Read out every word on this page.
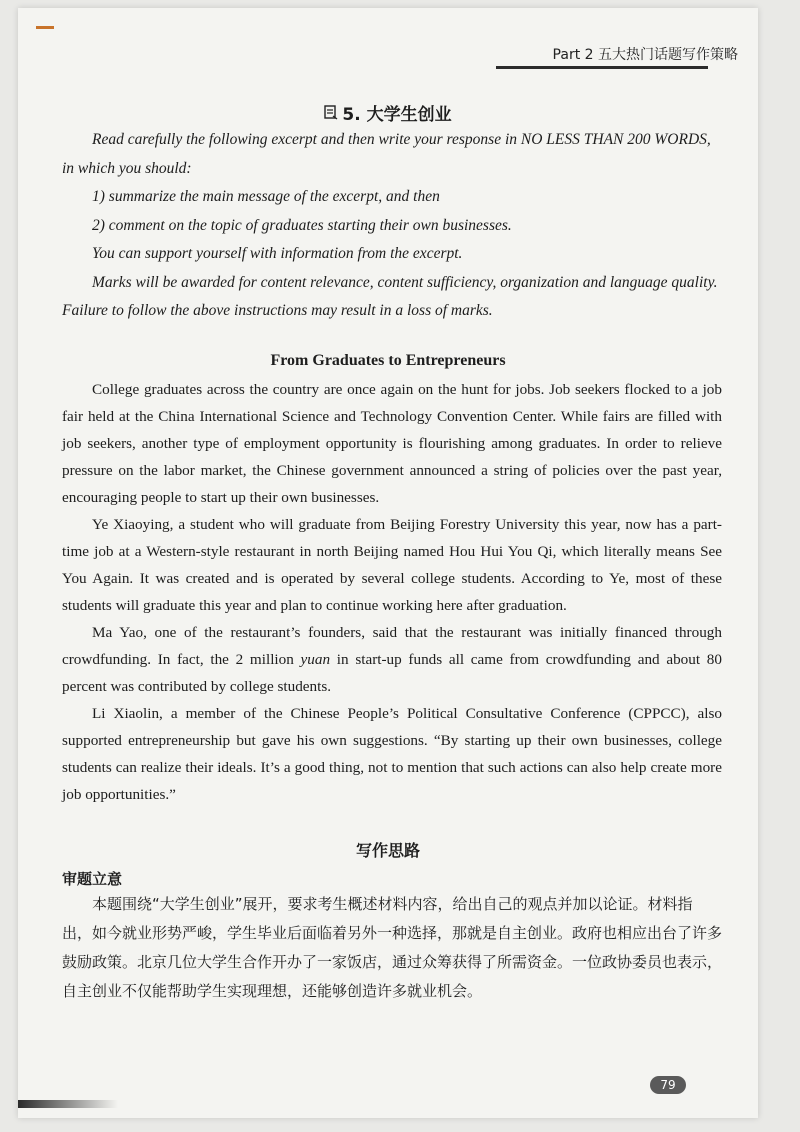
Part 2 五大热门话题写作策略
5. 大学生创业

Read carefully the following excerpt and then write your response in NO LESS THAN 200 WORDS, in which you should:

1) summarize the main message of the excerpt, and then

2) comment on the topic of graduates starting their own businesses.

You can support yourself with information from the excerpt.

Marks will be awarded for content relevance, content sufficiency, organization and language quality. Failure to follow the above instructions may result in a loss of marks.

From Graduates to Entrepreneurs

College graduates across the country are once again on the hunt for jobs. Job seekers flocked to a job fair held at the China International Science and Technology Convention Center. While fairs are filled with job seekers, another type of employment opportunity is flourishing among graduates. In order to relieve pressure on the labor market, the Chinese government announced a string of policies over the past year, encouraging people to start up their own businesses.

Ye Xiaoying, a student who will graduate from Beijing Forestry University this year, now has a part-time job at a Western-style restaurant in north Beijing named Hou Hui You Qi, which literally means See You Again. It was created and is operated by several college students. According to Ye, most of these students will graduate this year and plan to continue working here after graduation.

Ma Yao, one of the restaurant’s founders, said that the restaurant was initially financed through crowdfunding. In fact, the 2 million yuan in start-up funds all came from crowdfunding and about 80 percent was contributed by college students.

Li Xiaolin, a member of the Chinese People’s Political Consultative Conference (CPPCC), also supported entrepreneurship but gave his own suggestions. “By starting up their own businesses, college students can realize their ideals. It’s a good thing, not to mention that such actions can also help create more job opportunities.”

写作思路
审题立意

本题围绕“大学生创业”展开，要求考生概述材料内容，给出自己的观点并加以论证。材料指出，如今就业形势严峻，学生毕业后面临着另外一种选择，那就是自主创业。政府也相应出台了许多鼓励政策。北京几位大学生合作开办了一家饭店，通过众筹获得了所需资金。一位政协委员也表示，自主创业不仅能帮助学生实现理想，还能够创造许多就业机会。

79
